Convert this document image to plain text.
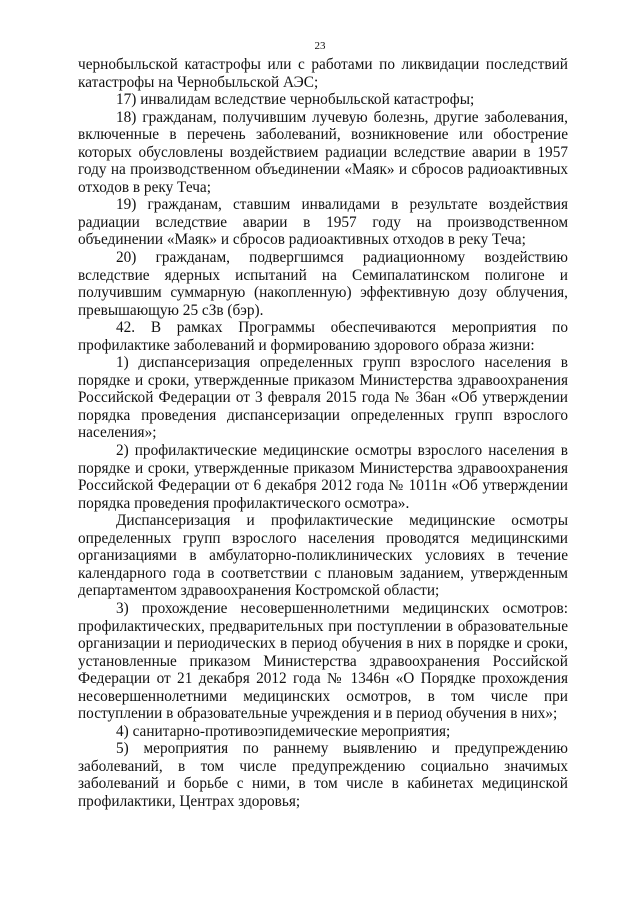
23

чернобыльской катастрофы или с работами по ликвидации последствий катастрофы на Чернобыльской АЭС;

17) инвалидам вследствие чернобыльской катастрофы;

18) гражданам, получившим лучевую болезнь, другие заболевания, включенные в перечень заболеваний, возникновение или обострение которых обусловлены воздействием радиации вследствие аварии в 1957 году на производственном объединении «Маяк» и сбросов радиоактивных отходов в реку Теча;

19) гражданам, ставшим инвалидами в результате воздействия радиации вследствие аварии в 1957 году на производственном объединении «Маяк» и сбросов радиоактивных отходов в реку Теча;

20) гражданам, подвергшимся радиационному воздействию вследствие ядерных испытаний на Семипалатинском полигоне и получившим суммарную (накопленную) эффективную дозу облучения, превышающую 25 сЗв (бэр).

42. В рамках Программы обеспечиваются мероприятия по профилактике заболеваний и формированию здорового образа жизни:

1) диспансеризация определенных групп взрослого населения в порядке и сроки, утвержденные приказом Министерства здравоохранения Российской Федерации от 3 февраля 2015 года № 36ан «Об утверждении порядка проведения диспансеризации определенных групп взрослого населения»;

2) профилактические медицинские осмотры взрослого населения в порядке и сроки, утвержденные приказом Министерства здравоохранения Российской Федерации от 6 декабря 2012 года № 1011н «Об утверждении порядка проведения профилактического осмотра».

Диспансеризация и профилактические медицинские осмотры определенных групп взрослого населения проводятся медицинскими организациями в амбулаторно-поликлинических условиях в течение календарного года в соответствии с плановым заданием, утвержденным департаментом здравоохранения Костромской области;

3) прохождение несовершеннолетними медицинских осмотров: профилактических, предварительных при поступлении в образовательные организации и периодических в период обучения в них в порядке и сроки, установленные приказом Министерства здравоохранения Российской Федерации от 21 декабря 2012 года № 1346н «О Порядке прохождения несовершеннолетними медицинских осмотров, в том числе при поступлении в образовательные учреждения и в период обучения в них»;

4) санитарно-противоэпидемические мероприятия;

5) мероприятия по раннему выявлению и предупреждению заболеваний, в том числе предупреждению социально значимых заболеваний и борьбе с ними, в том числе в кабинетах медицинской профилактики, Центрах здоровья;
